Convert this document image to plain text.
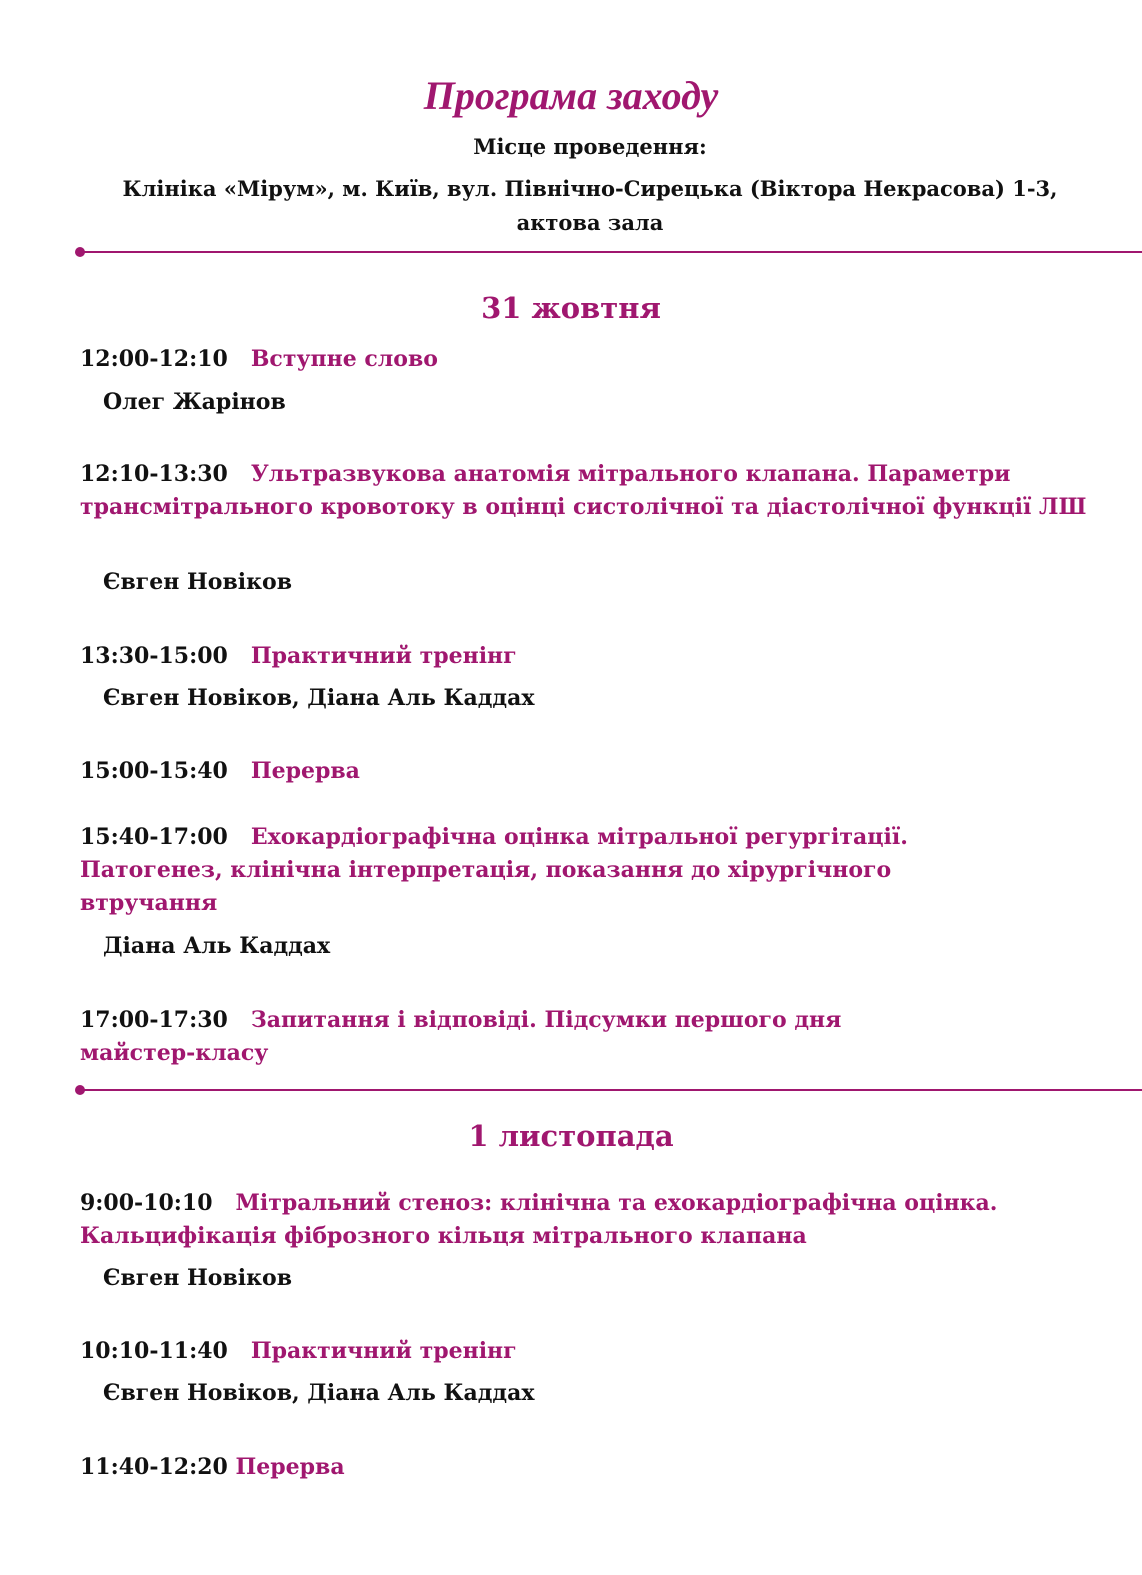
Програма заходу
Місце проведення:
Клініка «Мірум», м. Київ, вул. Північно-Сирецька (Віктора Некрасова) 1-3,
актова зала
31 жовтня
12:00-12:10 Вступне слово
Олег Жарінов
12:10-13:30 Ультразвукова анатомія мітрального клапана. Параметри трансмітрального кровотоку в оцінці систолічної та діастолічної функції ЛШ
Євген Новіков
13:30-15:00 Практичний тренінг
Євген Новіков, Діана Аль Каддах
15:00-15:40 Перерва
15:40-17:00 Ехокардіографічна оцінка мітральної регургітації. Патогенез, клінічна інтерпретація, показання до хірургічного втручання
Діана Аль Каддах
17:00-17:30 Запитання і відповіді. Підсумки першого дня майстер-класу
1 листопада
9:00-10:10 Мітральний стеноз: клінічна та ехокардіографічна оцінка. Кальцифікація фіброзного кільця мітрального клапана
Євген Новіков
10:10-11:40 Практичний тренінг
Євген Новіков, Діана Аль Каддах
11:40-12:20 Перерва
